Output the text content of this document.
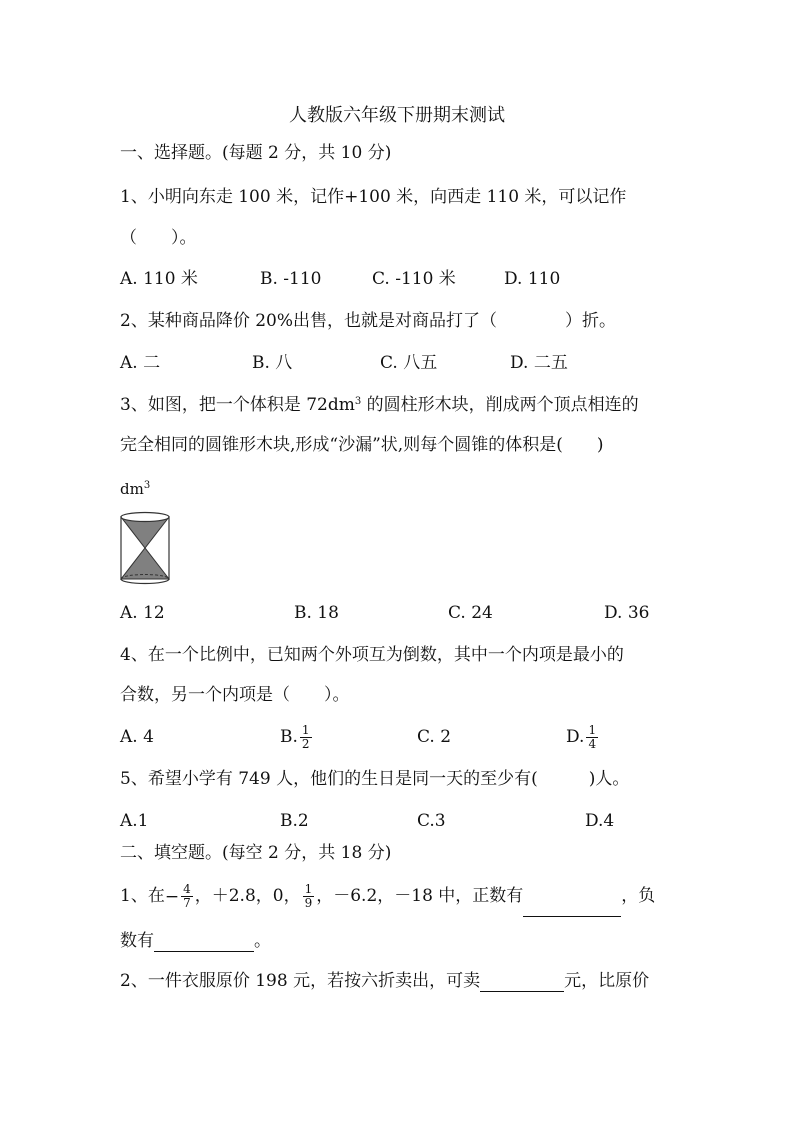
人教版六年级下册期末测试
一、选择题。(每题 2 分，共 10 分)
1、小明向东走 100 米，记作+100 米，向西走 110 米，可以记作
（　　）。
A. 110 米	B. -110	C. -110 米	D. 110
2、某种商品降价 20%出售，也就是对商品打了（　　　　）折。
A. 二	B. 八	C. 八五	D. 二五
3、如图，把一个体积是 $72dm^3$ 的圆柱形木块，削成两个顶点相连的
完全相同的圆锥形木块,形成“沙漏”状,则每个圆锥的体积是(　　)
$dm^3$
A. 12	B. 18	C. 24	D. 36
4、在一个比例中，已知两个外项互为倒数，其中一个内项是最小的
合数，另一个内项是（　　）。
A. 4	B. $\frac{1}{2}$	C. 2	D. $\frac{1}{4}$
5、希望小学有 749 人，他们的生日是同一天的至少有(　　　)人。
A.1	B.2	C.3	D.4
二、填空题。(每空 2 分，共 18 分)
1、在− $\frac{4}{7}$ ，＋2.8，0， $\frac{1}{9}$ ，－6.2，－18 中，正数有	，负
数有	。
2、一件衣服原价 198 元，若按六折卖出，可卖	元，比原价
